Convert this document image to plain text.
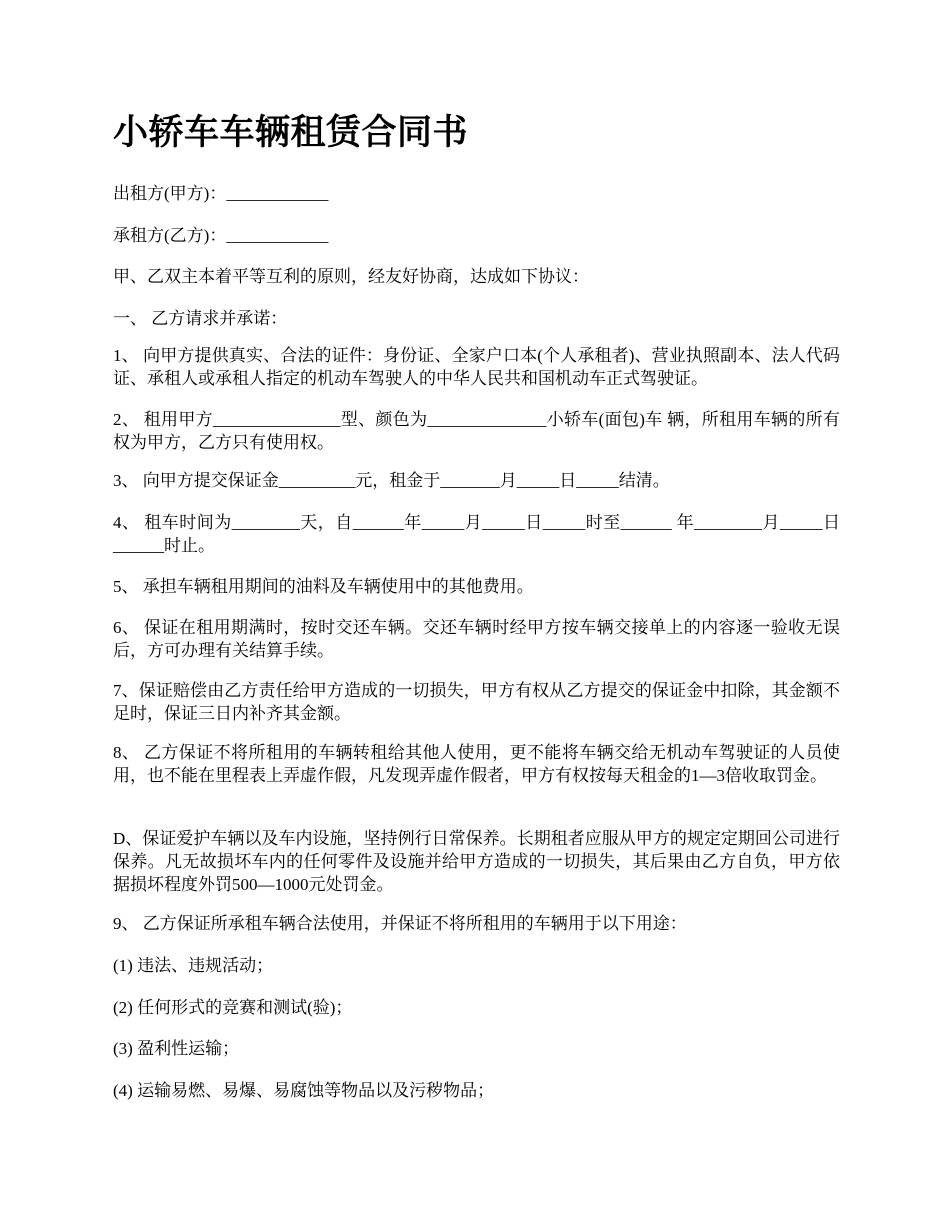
小轿车车辆租赁合同书

出租方(甲方)：____________

承租方(乙方)：____________

甲、乙双主本着平等互利的原则，经友好协商，达成如下协议：

一、 乙方请求并承诺：

1、 向甲方提供真实、合法的证件：身份证、全家户口本(个人承租者)、营业执照副本、法人代码证、承租人或承租人指定的机动车驾驶人的中华人民共和国机动车正式驾驶证。

2、 租用甲方_______________型、颜色为______________小轿车(面包)车 辆，所租用车辆的所有权为甲方，乙方只有使用权。

3、 向甲方提交保证金_________元，租金于_______月_____日_____结清。

4、 租车时间为________天，自______年_____月_____日_____时至______ 年________月_____日______时止。

5、 承担车辆租用期间的油料及车辆使用中的其他费用。

6、 保证在租用期满时，按时交还车辆。交还车辆时经甲方按车辆交接单上的内容逐一验收无误后，方可办理有关结算手续。

7、保证赔偿由乙方责任给甲方造成的一切损失，甲方有权从乙方提交的保证金中扣除，其金额不足时，保证三日内补齐其金额。

8、 乙方保证不将所租用的车辆转租给其他人使用，更不能将车辆交给无机动车驾驶证的人员使用，也不能在里程表上弄虚作假，凡发现弄虚作假者，甲方有权按每天租金的1—3倍收取罚金。

D、保证爱护车辆以及车内设施，坚持例行日常保养。长期租者应服从甲方的规定定期回公司进行保养。凡无故损坏车内的任何零件及设施并给甲方造成的一切损失，其后果由乙方自负，甲方依据损坏程度外罚500—1000元处罚金。

9、 乙方保证所承租车辆合法使用，并保证不将所租用的车辆用于以下用途：

(1) 违法、违规活动；

(2) 任何形式的竞赛和测试(验)；

(3) 盈利性运输；

(4) 运输易燃、易爆、易腐蚀等物品以及污秽物品；
